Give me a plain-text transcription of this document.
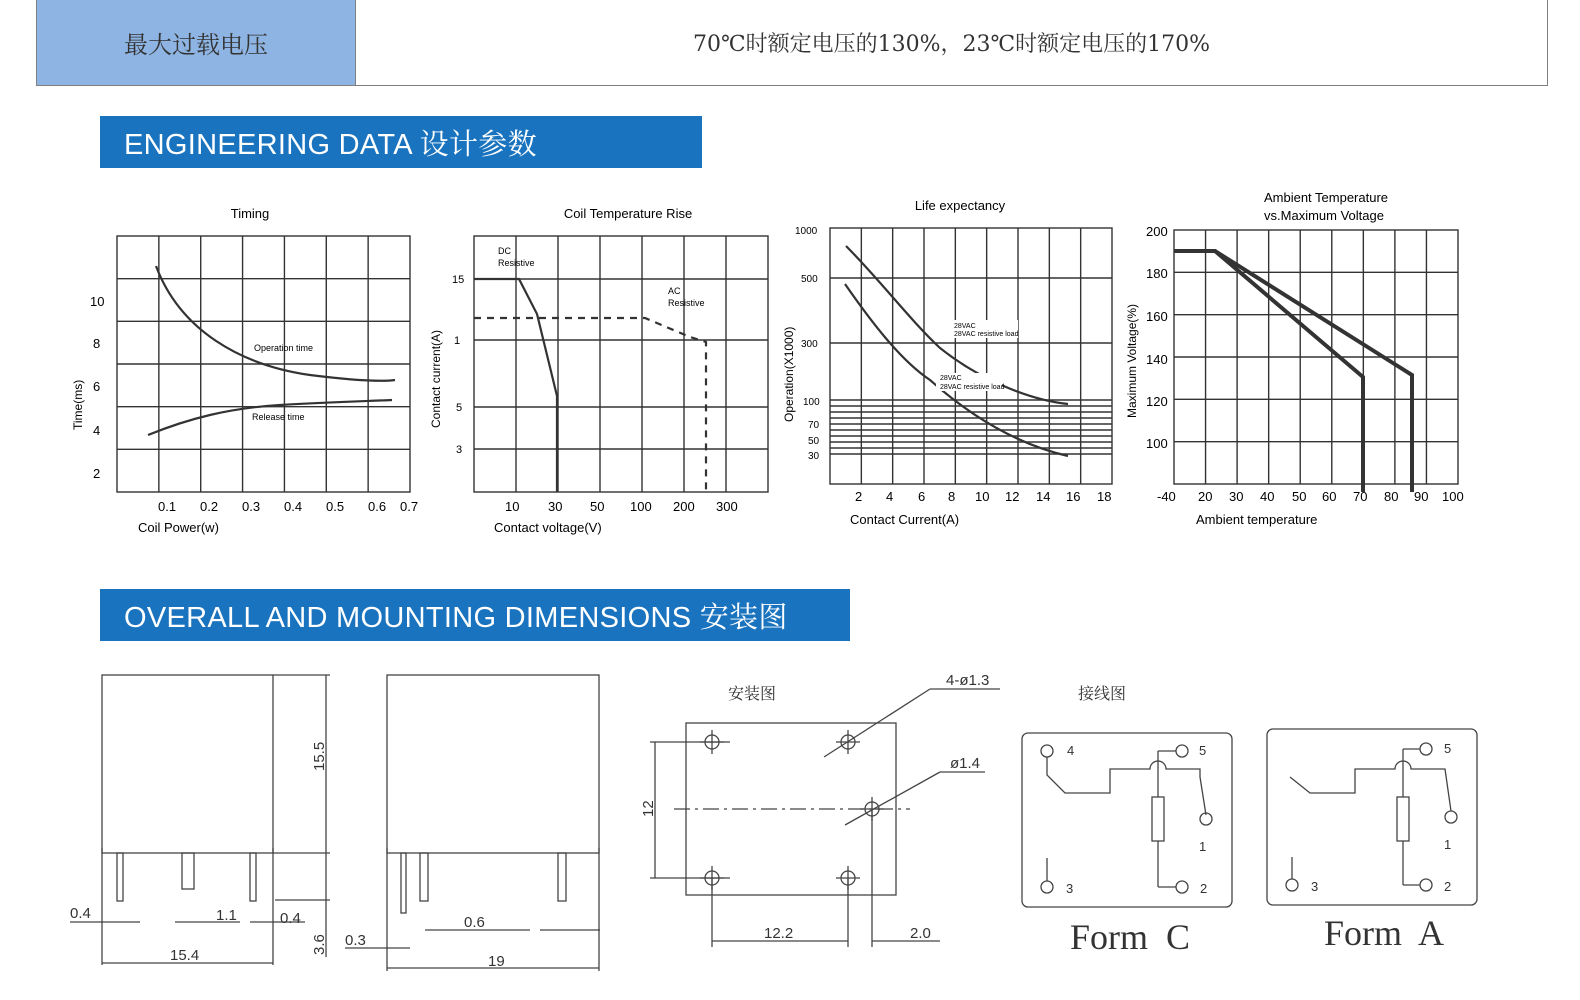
最大过载电压	70℃时额定电压的130%，23℃时额定电压的170%
ENGINEERING DATA 设计参数
OVERALL AND MOUNTING DIMENSIONS 安装图
Timing
0.1 0.2 0.3 0.4 0.5 0.6 0.7
2
4
6
8
10
Coil Power(w)
Time(ms)
Operation time
Release time
Coil Temperature Rise
10 30 50 100 200 300
15
1
5
3
Contact voltage(V)
Contact current(A)
DC
Resistive
AC
Resistive
Life expectancy
2 4 6 8 10 12 14 16 18
1000
500
300
100
70
50
30
Contact Current(A)
Operation(X1000)
28VAC
28VAC resistive load
28VAC
28VAC resistive load
Ambient Temperature
vs.Maximum Voltage
-40 20 30 40 50 60 70 80 90 100
200
180
160
140
120
100
Ambient temperature
Maximum Voltage(%)
15.5
3.6
15.4
0.4	1.1	0.4
19
0.3
0.6
安装图
4-ø1.3
ø1.4
12
12.2	2.0
接线图
4	5
1
3	2
5
1
3	2
Form  C	Form  A
